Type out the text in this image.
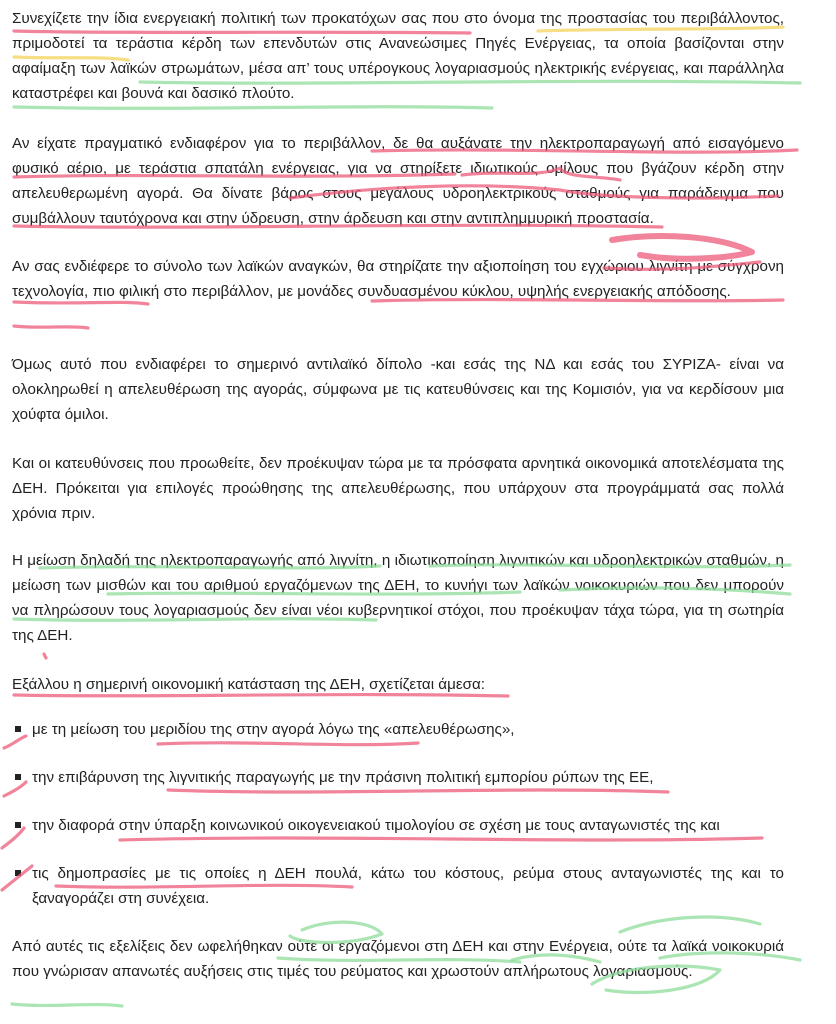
Συνεχίζετε την ίδια ενεργειακή πολιτική των προκατόχων σας που στο όνομα της προστασίας του περιβάλλοντος, πριμοδοτεί τα τεράστια κέρδη των επενδυτών στις Ανανεώσιμες Πηγές Ενέργειας, τα οποία βασίζονται στην αφαίμαξη των λαϊκών στρωμάτων, μέσα απ’ τους υπέρογκους λογαριασμούς ηλεκτρικής ενέργειας, και παράλληλα καταστρέφει και βουνά και δασικό πλούτο.

Αν είχατε πραγματικό ενδιαφέρον για το περιβάλλον, δε θα αυξάνατε την ηλεκτροπαραγωγή από εισαγόμενο φυσικό αέριο, με τεράστια σπατάλη ενέργειας, για να στηρίξετε ιδιωτικούς ομίλους που βγάζουν κέρδη στην απελευθερωμένη αγορά. Θα δίνατε βάρος στους μεγάλους υδροηλεκτρικούς σταθμούς για παράδειγμα που συμβάλλουν ταυτόχρονα και στην ύδρευση, στην άρδευση και στην αντιπλημμυρική προστασία.

Αν σας ενδιέφερε το σύνολο των λαϊκών αναγκών, θα στηρίζατε την αξιοποίηση του εγχώριου λιγνίτη με σύγχρονη τεχνολογία, πιο φιλική στο περιβάλλον, με μονάδες συνδυασμένου κύκλου, υψηλής ενεργειακής απόδοσης.

Όμως αυτό που ενδιαφέρει το σημερινό αντιλαϊκό δίπολο -και εσάς της ΝΔ και εσάς του ΣΥΡΙΖΑ- είναι να ολοκληρωθεί η απελευθέρωση της αγοράς, σύμφωνα με τις κατευθύνσεις και της Κομισιόν, για να κερδίσουν μια χούφτα όμιλοι.

Και οι κατευθύνσεις που προωθείτε, δεν προέκυψαν τώρα με τα πρόσφατα αρνητικά οικονομικά αποτελέσματα της ΔΕΗ. Πρόκειται για επιλογές προώθησης της απελευθέρωσης, που υπάρχουν στα προγράμματά σας πολλά χρόνια πριν.

Η μείωση δηλαδή της ηλεκτροπαραγωγής από λιγνίτη, η ιδιωτικοποίηση λιγνιτικών και υδροηλεκτρικών σταθμών, η μείωση των μισθών και του αριθμού εργαζόμενων της ΔΕΗ, το κυνήγι των λαϊκών νοικοκυριών που δεν μπορούν να πληρώσουν τους λογαριασμούς δεν είναι νέοι κυβερνητικοί στόχοι, που προέκυψαν τάχα τώρα, για τη σωτηρία της ΔΕΗ.

Εξάλλου η σημερινή οικονομική κατάσταση της ΔΕΗ, σχετίζεται άμεσα:

με τη μείωση του μεριδίου της στην αγορά λόγω της «απελευθέρωσης»,
την επιβάρυνση της λιγνιτικής παραγωγής με την πράσινη πολιτική εμπορίου ρύπων της ΕΕ,
την διαφορά στην ύπαρξη κοινωνικού οικογενειακού τιμολογίου σε σχέση με τους ανταγωνιστές της και
τις δημοπρασίες με τις οποίες η ΔΕΗ πουλά, κάτω του κόστους, ρεύμα στους ανταγωνιστές της και το ξαναγοράζει στη συνέχεια.

Από αυτές τις εξελίξεις δεν ωφελήθηκαν ούτε οι εργαζόμενοι στη ΔΕΗ και στην Ενέργεια, ούτε τα λαϊκά νοικοκυριά που γνώρισαν απανωτές αυξήσεις στις τιμές του ρεύματος και χρωστούν απλήρωτους λογαριασμούς.
